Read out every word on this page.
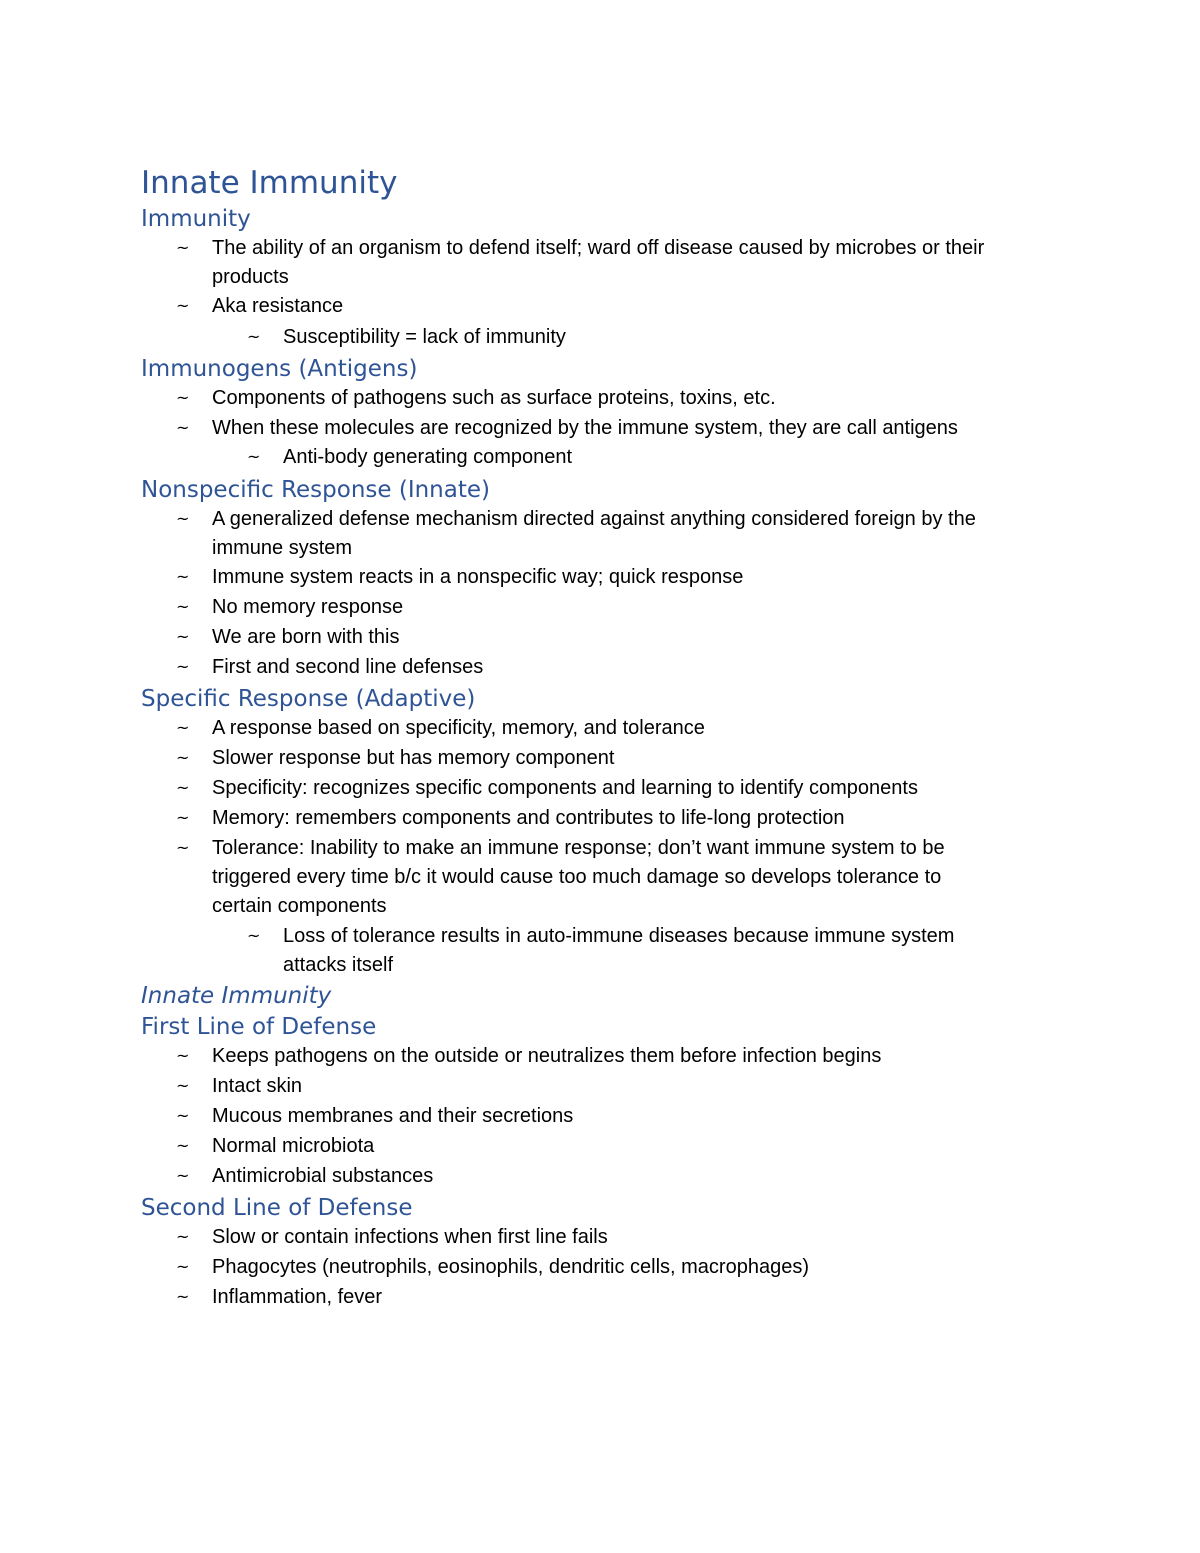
Innate Immunity
Immunity
~ The ability of an organism to defend itself; ward off disease caused by microbes or their
products
~ Aka resistance
~ Susceptibility = lack of immunity
Immunogens (Antigens)
~ Components of pathogens such as surface proteins, toxins, etc.
~ When these molecules are recognized by the immune system, they are call antigens
~ Anti-body generating component
Nonspecific Response (Innate)
~ A generalized defense mechanism directed against anything considered foreign by the
immune system
~ Immune system reacts in a nonspecific way; quick response
~ No memory response
~ We are born with this
~ First and second line defenses
Specific Response (Adaptive)
~ A response based on specificity, memory, and tolerance
~ Slower response but has memory component
~ Specificity: recognizes specific components and learning to identify components
~ Memory: remembers components and contributes to life-long protection
~ Tolerance: Inability to make an immune response; don’t want immune system to be
triggered every time b/c it would cause too much damage so develops tolerance to
certain components
~ Loss of tolerance results in auto-immune diseases because immune system
attacks itself
Innate Immunity
First Line of Defense
~ Keeps pathogens on the outside or neutralizes them before infection begins
~ Intact skin
~ Mucous membranes and their secretions
~ Normal microbiota
~ Antimicrobial substances
Second Line of Defense
~ Slow or contain infections when first line fails
~ Phagocytes (neutrophils, eosinophils, dendritic cells, macrophages)
~ Inflammation, fever
